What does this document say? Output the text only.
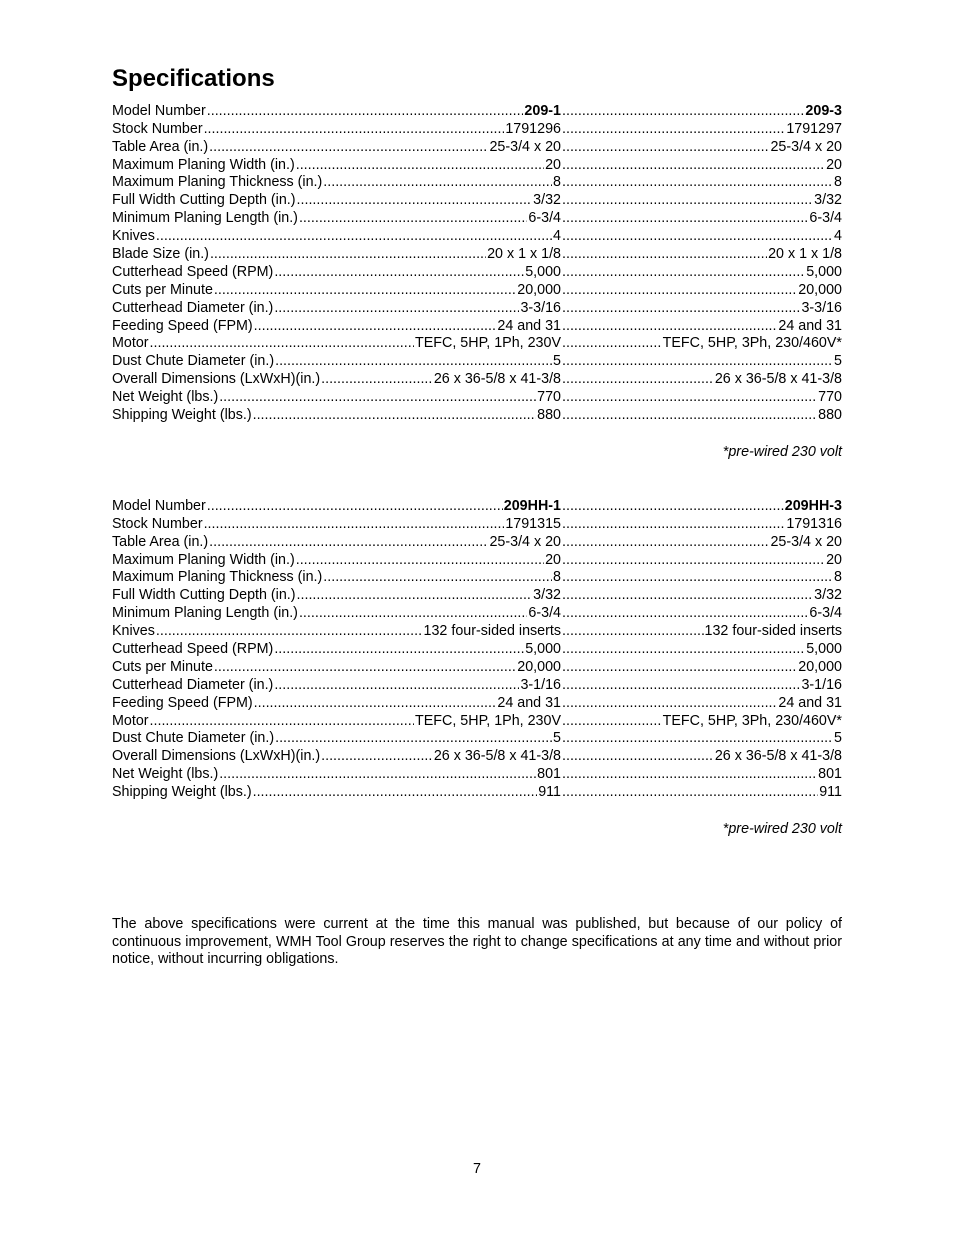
Specifications
Model Number .....	209-1 .....	209-3
Stock Number .....	1791296 .....	1791297
Table Area (in.) .....	25-3/4 x 20 .....	25-3/4 x 20
Maximum Planing Width (in.) .....	20 .....	20
Maximum Planing Thickness (in.) .....	8 .....	8
Full Width Cutting Depth (in.) .....	3/32 .....	3/32
Minimum Planing Length (in.) .....	6-3/4 .....	6-3/4
Knives .....	4 .....	4
Blade Size (in.) .....	20 x 1 x 1/8 .....	20 x 1 x 1/8
Cutterhead Speed (RPM) .....	5,000 .....	5,000
Cuts per Minute .....	20,000 .....	20,000
Cutterhead Diameter (in.) .....	3-3/16 .....	3-3/16
Feeding Speed (FPM) .....	24 and 31 .....	24 and 31
Motor .....	TEFC, 5HP, 1Ph, 230V .....	TEFC, 5HP, 3Ph, 230/460V*
Dust Chute Diameter (in.) .....	5 .....	5
Overall Dimensions (LxWxH)(in.) .....	26 x 36-5/8 x 41-3/8 .....	26 x 36-5/8 x 41-3/8
Net Weight (lbs.) .....	770 .....	770
Shipping Weight (lbs.) .....	880 .....	880
*pre-wired 230 volt
Model Number .....	209HH-1 .....	209HH-3
Stock Number .....	1791315 .....	1791316
Table Area (in.) .....	25-3/4 x 20 .....	25-3/4 x 20
Maximum Planing Width (in.) .....	20 .....	20
Maximum Planing Thickness (in.) .....	8 .....	8
Full Width Cutting Depth (in.) .....	3/32 .....	3/32
Minimum Planing Length (in.) .....	6-3/4 .....	6-3/4
Knives .....	132 four-sided inserts .....	132 four-sided inserts
Cutterhead Speed (RPM) .....	5,000 .....	5,000
Cuts per Minute .....	20,000 .....	20,000
Cutterhead Diameter (in.) .....	3-1/16 .....	3-1/16
Feeding Speed (FPM) .....	24 and 31 .....	24 and 31
Motor .....	TEFC, 5HP, 1Ph, 230V .....	TEFC, 5HP, 3Ph, 230/460V*
Dust Chute Diameter (in.) .....	5 .....	5
Overall Dimensions (LxWxH)(in.) .....	26 x 36-5/8 x 41-3/8 .....	26 x 36-5/8 x 41-3/8
Net Weight (lbs.) .....	801 .....	801
Shipping Weight (lbs.) .....	911 .....	911
*pre-wired 230 volt
The above specifications were current at the time this manual was published, but because of our policy of continuous improvement, WMH Tool Group reserves the right to change specifications at any time and without prior notice, without incurring obligations.
7
